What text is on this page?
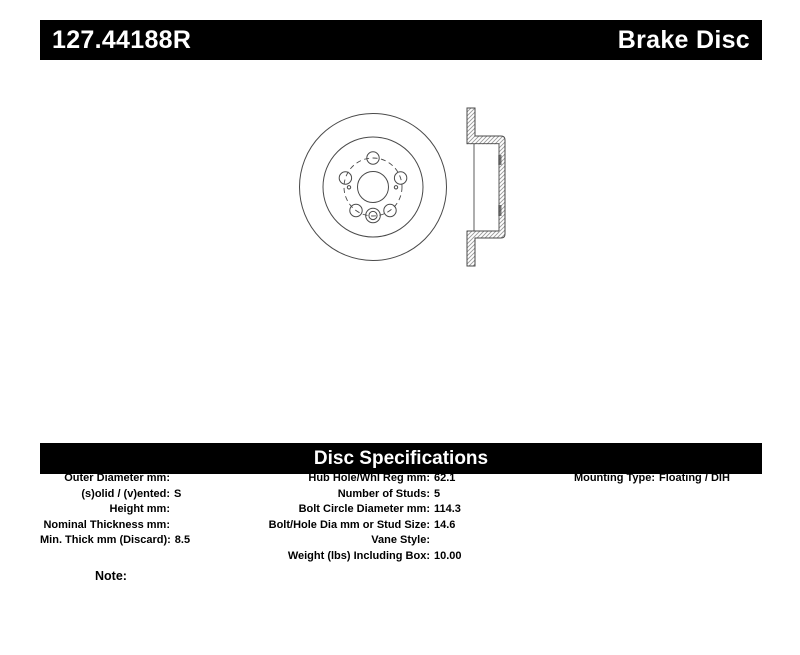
127.44188R	Brake Disc
Disc Specifications
Outer Diameter mm:
(s)olid / (v)ented: S
Height mm:
Nominal Thickness mm:
Min. Thick mm (Discard): 8.5
Hub Hole/Whl Reg mm: 62.1
Number of Studs: 5
Bolt Circle Diameter mm: 114.3
Bolt/Hole Dia mm or Stud Size: 14.6
Vane Style:
Weight (lbs) Including Box: 10.00
Mounting Type: Floating / DIH
Note:
